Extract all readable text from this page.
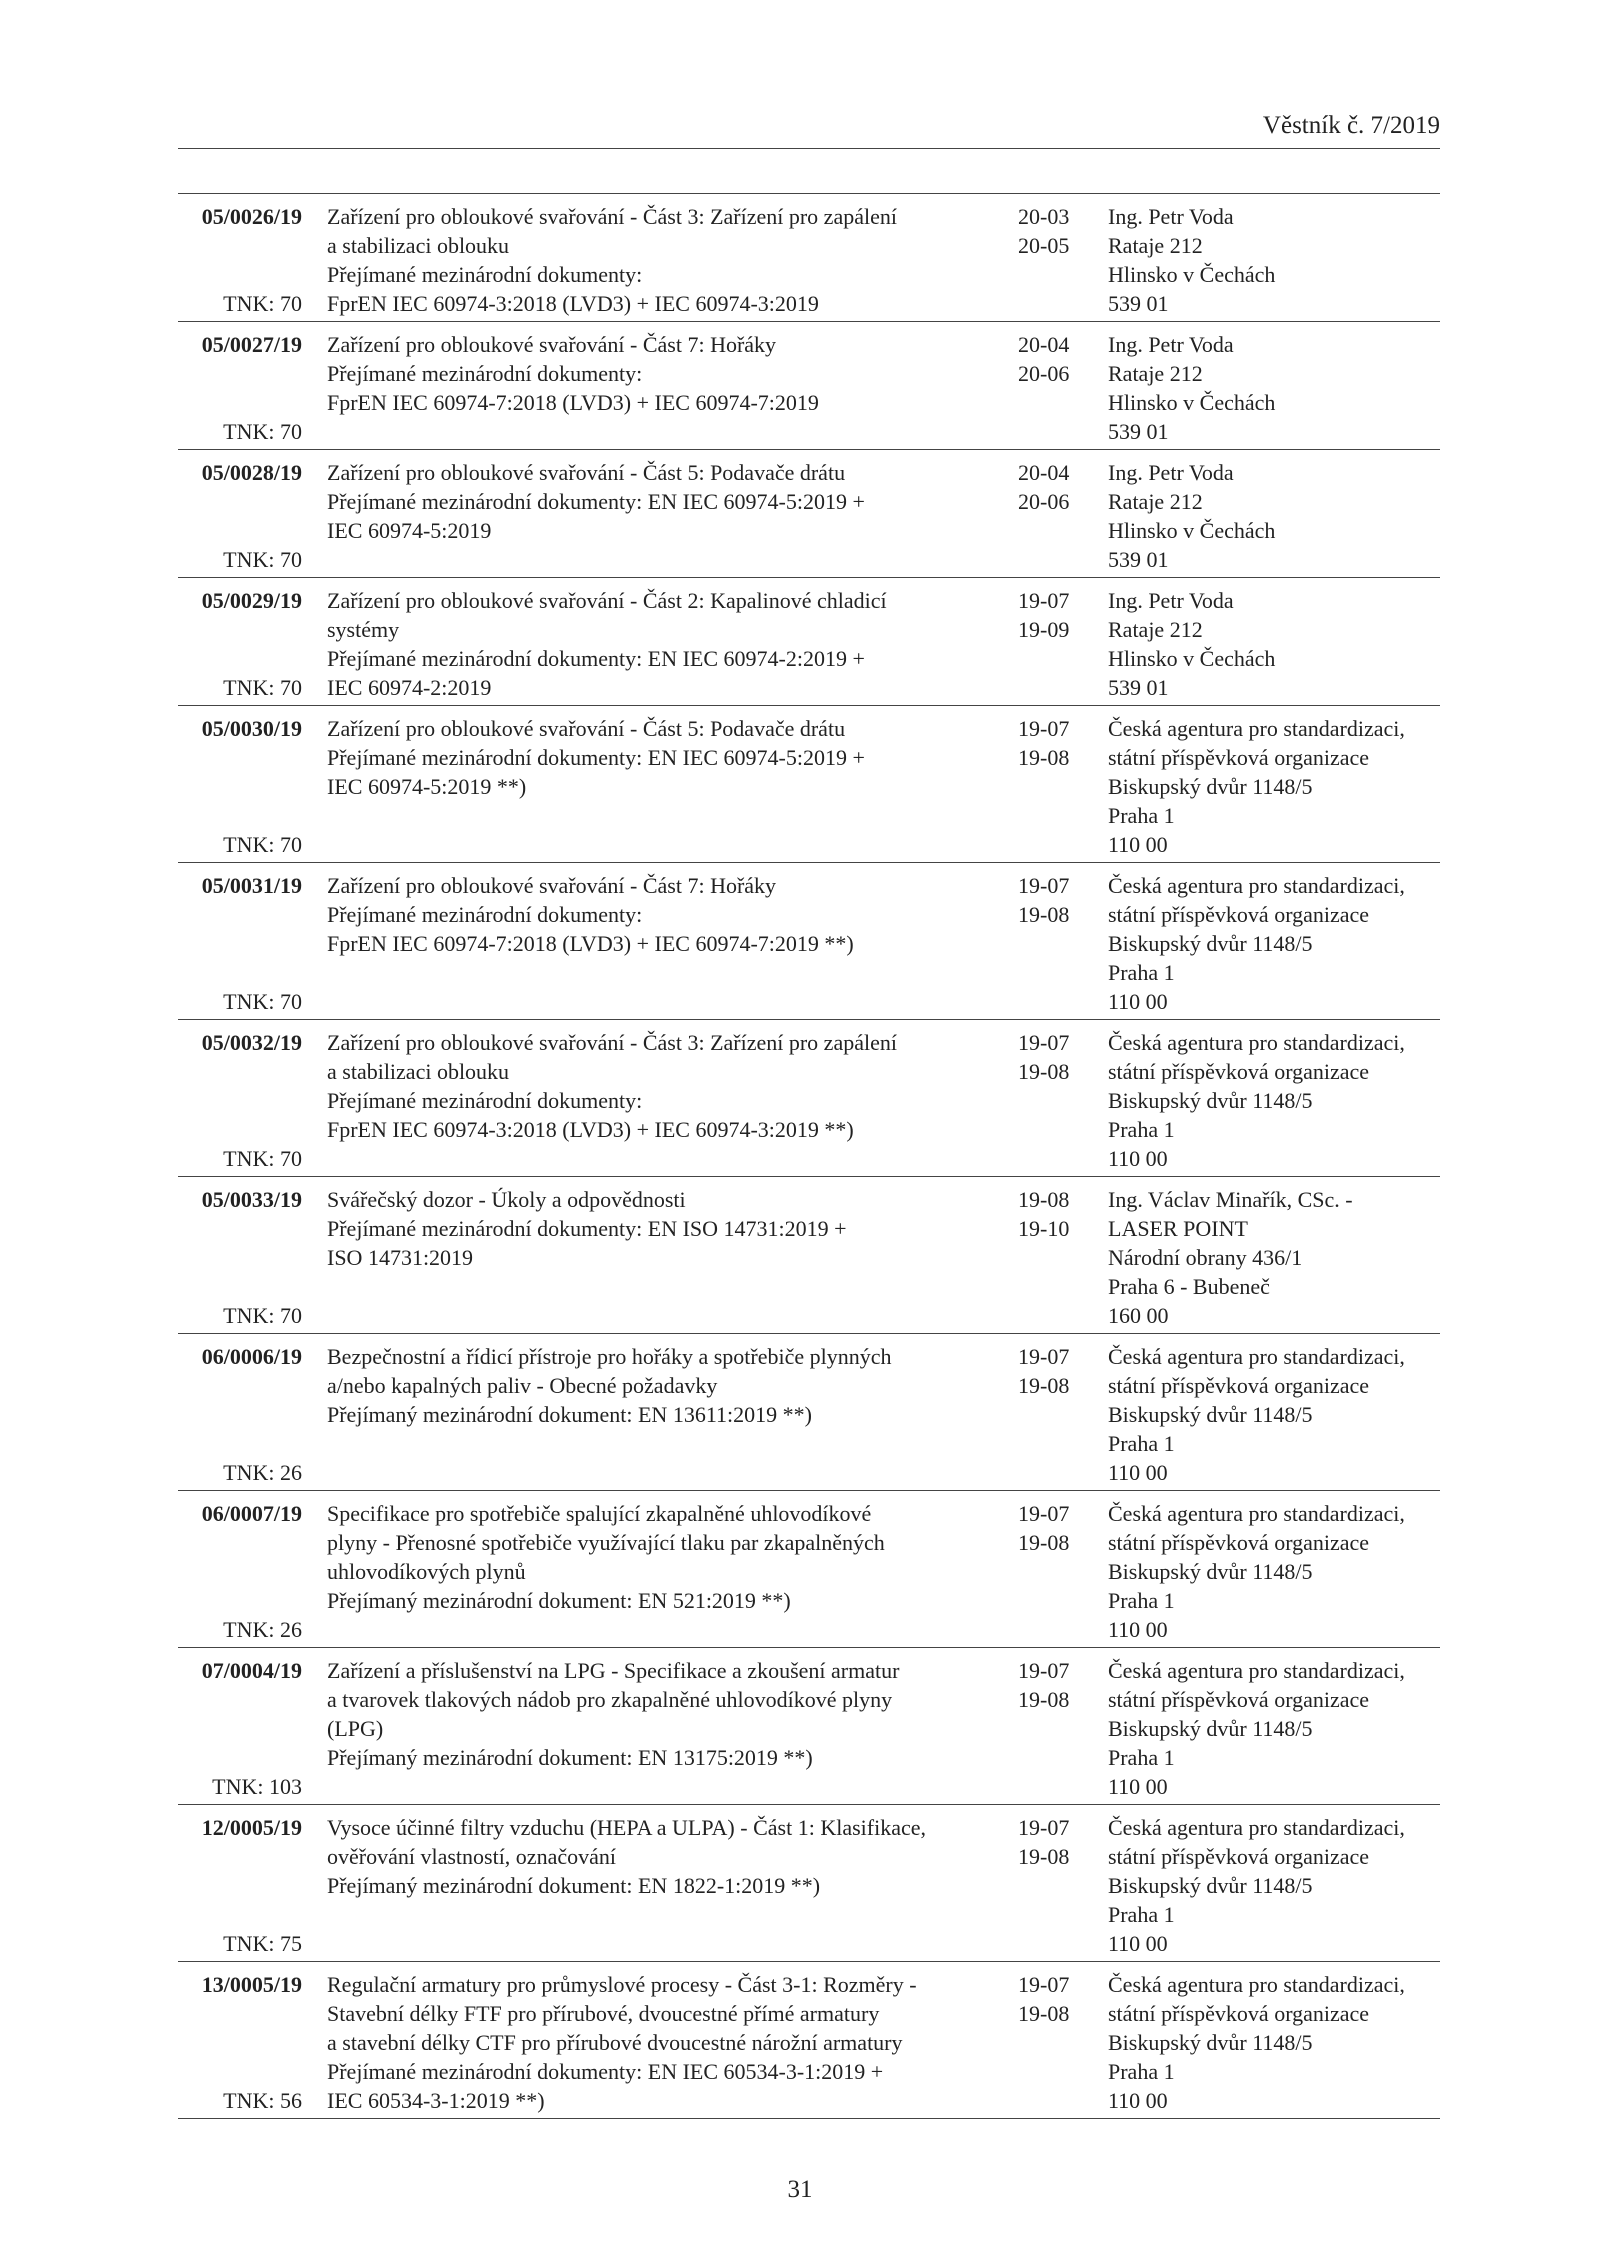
Věstník č. 7/2019
05/0026/19
TNK: 70
Zařízení pro obloukové svařování - Část 3: Zařízení pro zapálení
a stabilizaci oblouku
Přejímané mezinárodní dokumenty:
FprEN IEC 60974-3:2018 (LVD3) + IEC 60974-3:2019
20-03
20-05
Ing. Petr Voda
Rataje 212
Hlinsko v Čechách
539 01
05/0027/19
TNK: 70
Zařízení pro obloukové svařování - Část 7: Hořáky
Přejímané mezinárodní dokumenty:
FprEN IEC 60974-7:2018 (LVD3) + IEC 60974-7:2019

20-04
20-06
Ing. Petr Voda
Rataje 212
Hlinsko v Čechách
539 01
05/0028/19
TNK: 70
Zařízení pro obloukové svařování - Část 5: Podavače drátu
Přejímané mezinárodní dokumenty: EN IEC 60974-5:2019 +
IEC 60974-5:2019

20-04
20-06
Ing. Petr Voda
Rataje 212
Hlinsko v Čechách
539 01
05/0029/19
TNK: 70
Zařízení pro obloukové svařování - Část 2: Kapalinové chladicí
systémy
Přejímané mezinárodní dokumenty: EN IEC 60974-2:2019 +
IEC 60974-2:2019
19-07
19-09
Ing. Petr Voda
Rataje 212
Hlinsko v Čechách
539 01
05/0030/19
TNK: 70
Zařízení pro obloukové svařování - Část 5: Podavače drátu
Přejímané mezinárodní dokumenty: EN IEC 60974-5:2019 +
IEC 60974-5:2019 **)

19-07
19-08
Česká agentura pro standardizaci,
státní příspěvková organizace
Biskupský dvůr 1148/5
Praha 1
110 00
05/0031/19
TNK: 70
Zařízení pro obloukové svařování - Část 7: Hořáky
Přejímané mezinárodní dokumenty:
FprEN IEC 60974-7:2018 (LVD3) + IEC 60974-7:2019 **)

19-07
19-08
Česká agentura pro standardizaci,
státní příspěvková organizace
Biskupský dvůr 1148/5
Praha 1
110 00
05/0032/19
TNK: 70
Zařízení pro obloukové svařování - Část 3: Zařízení pro zapálení
a stabilizaci oblouku
Přejímané mezinárodní dokumenty:
FprEN IEC 60974-3:2018 (LVD3) + IEC 60974-3:2019 **)

19-07
19-08
Česká agentura pro standardizaci,
státní příspěvková organizace
Biskupský dvůr 1148/5
Praha 1
110 00
05/0033/19
TNK: 70
Svářečský dozor - Úkoly a odpovědnosti
Přejímané mezinárodní dokumenty: EN ISO 14731:2019 +
ISO 14731:2019

19-08
19-10
Ing. Václav Minařík, CSc. -
LASER POINT
Národní obrany 436/1
Praha 6 - Bubeneč
160 00
06/0006/19
TNK: 26
Bezpečnostní a řídicí přístroje pro hořáky a spotřebiče plynných
a/nebo kapalných paliv - Obecné požadavky
Přejímaný mezinárodní dokument: EN 13611:2019 **)

19-07
19-08
Česká agentura pro standardizaci,
státní příspěvková organizace
Biskupský dvůr 1148/5
Praha 1
110 00
06/0007/19
TNK: 26
Specifikace pro spotřebiče spalující zkapalněné uhlovodíkové
plyny - Přenosné spotřebiče využívající tlaku par zkapalněných
uhlovodíkových plynů
Přejímaný mezinárodní dokument: EN 521:2019 **)

19-07
19-08
Česká agentura pro standardizaci,
státní příspěvková organizace
Biskupský dvůr 1148/5
Praha 1
110 00
07/0004/19
TNK: 103
Zařízení a příslušenství na LPG - Specifikace a zkoušení armatur
a tvarovek tlakových nádob pro zkapalněné uhlovodíkové plyny
(LPG)
Přejímaný mezinárodní dokument: EN 13175:2019 **)

19-07
19-08
Česká agentura pro standardizaci,
státní příspěvková organizace
Biskupský dvůr 1148/5
Praha 1
110 00
12/0005/19
TNK: 75
Vysoce účinné filtry vzduchu (HEPA a ULPA) - Část 1: Klasifikace,
ověřování vlastností, označování
Přejímaný mezinárodní dokument: EN 1822-1:2019 **)

19-07
19-08
Česká agentura pro standardizaci,
státní příspěvková organizace
Biskupský dvůr 1148/5
Praha 1
110 00
13/0005/19
TNK: 56
Regulační armatury pro průmyslové procesy - Část 3-1: Rozměry -
Stavební délky FTF pro přírubové, dvoucestné přímé armatury
a stavební délky CTF pro přírubové dvoucestné nárožní armatury
Přejímané mezinárodní dokumenty: EN IEC 60534-3-1:2019 +
IEC 60534-3-1:2019 **)
19-07
19-08
Česká agentura pro standardizaci,
státní příspěvková organizace
Biskupský dvůr 1148/5
Praha 1
110 00
31
